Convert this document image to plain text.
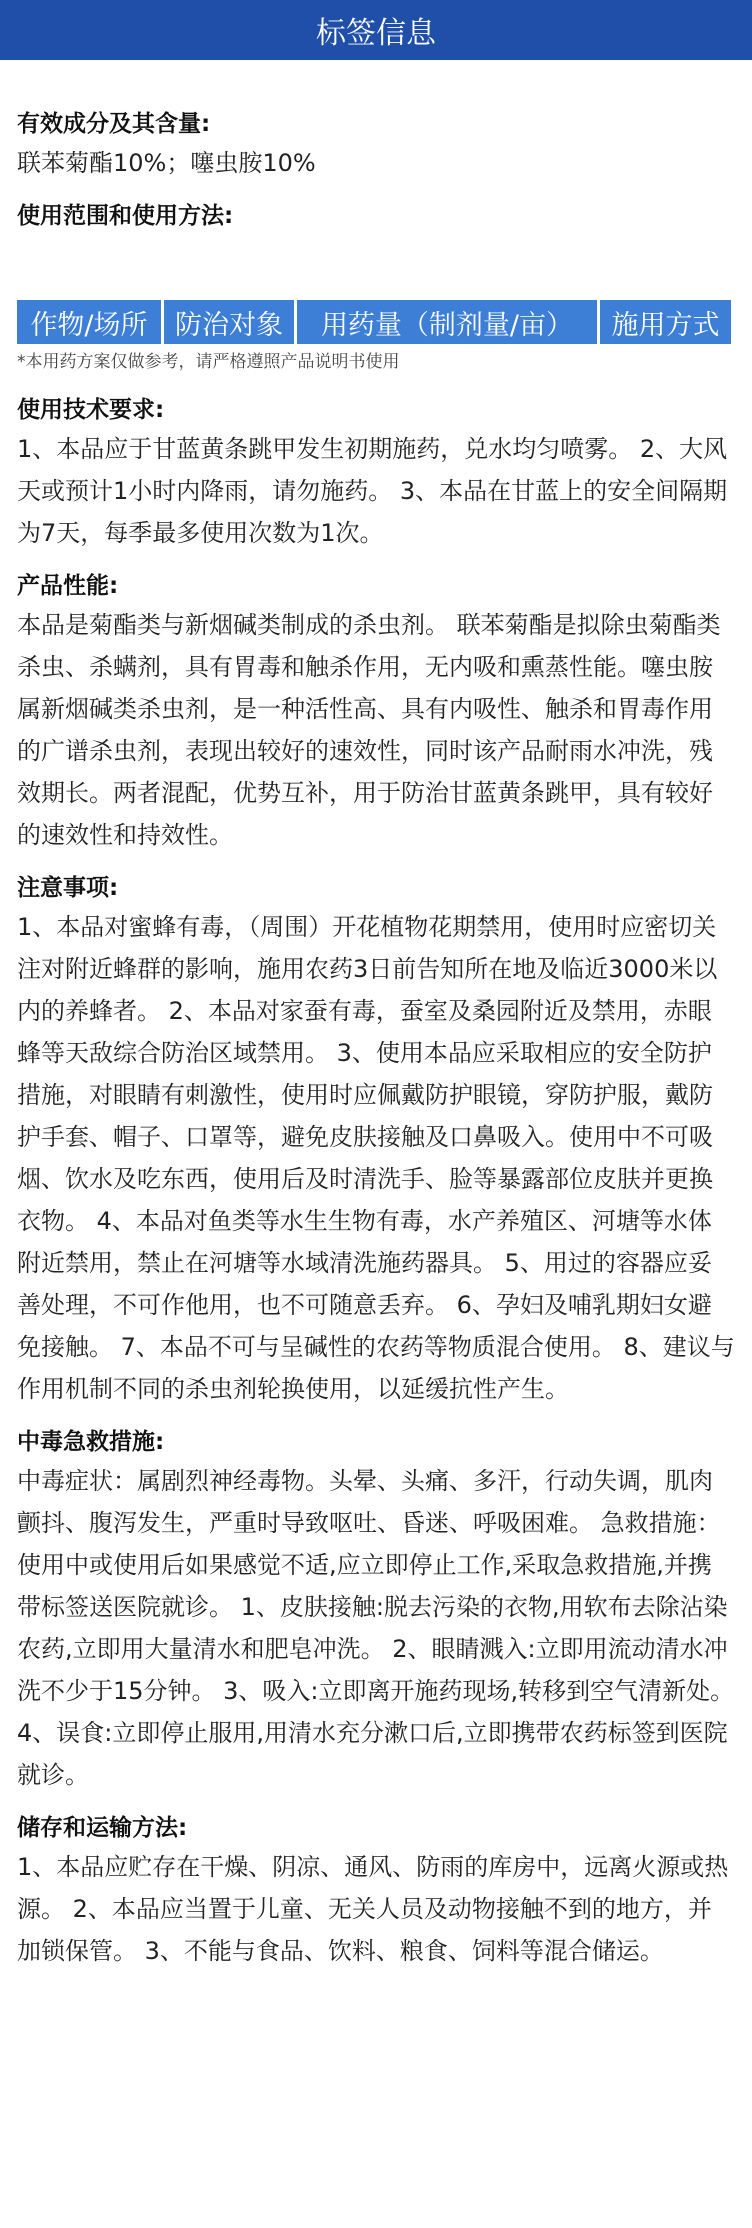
标签信息
有效成分及其含量:
联苯菊酯10%；噻虫胺10%
使用范围和使用方法:
作物/场所	防治对象	用药量（制剂量/亩）	施用方式
*本用药方案仅做参考，请严格遵照产品说明书使用
使用技术要求:
1、本品应于甘蓝黄条跳甲发生初期施药，兑水均匀喷雾。 2、大风天或预计1小时内降雨，请勿施药。 3、本品在甘蓝上的安全间隔期为7天，每季最多使用次数为1次。
产品性能:
本品是菊酯类与新烟碱类制成的杀虫剂。 联苯菊酯是拟除虫菊酯类杀虫、杀螨剂，具有胃毒和触杀作用，无内吸和熏蒸性能。噻虫胺属新烟碱类杀虫剂，是一种活性高、具有内吸性、触杀和胃毒作用的广谱杀虫剂，表现出较好的速效性，同时该产品耐雨水冲洗，残效期长。两者混配，优势互补，用于防治甘蓝黄条跳甲，具有较好的速效性和持效性。
注意事项:
1、本品对蜜蜂有毒，（周围）开花植物花期禁用，使用时应密切关注对附近蜂群的影响，施用农药3日前告知所在地及临近3000米以内的养蜂者。 2、本品对家蚕有毒，蚕室及桑园附近及禁用，赤眼蜂等天敌综合防治区域禁用。 3、使用本品应采取相应的安全防护措施，对眼睛有刺激性，使用时应佩戴防护眼镜，穿防护服，戴防护手套、帽子、口罩等，避免皮肤接触及口鼻吸入。使用中不可吸烟、饮水及吃东西，使用后及时清洗手、脸等暴露部位皮肤并更换衣物。 4、本品对鱼类等水生生物有毒，水产养殖区、河塘等水体附近禁用，禁止在河塘等水域清洗施药器具。 5、用过的容器应妥善处理，不可作他用，也不可随意丢弃。 6、孕妇及哺乳期妇女避免接触。 7、本品不可与呈碱性的农药等物质混合使用。 8、建议与作用机制不同的杀虫剂轮换使用，以延缓抗性产生。
中毒急救措施:
中毒症状：属剧烈神经毒物。头晕、头痛、多汗，行动失调，肌肉颤抖、腹泻发生，严重时导致呕吐、昏迷、呼吸困难。 急救措施：使用中或使用后如果感觉不适,应立即停止工作,采取急救措施,并携带标签送医院就诊。 1、皮肤接触:脱去污染的衣物,用软布去除沾染农药,立即用大量清水和肥皂冲洗。 2、眼睛溅入:立即用流动清水冲洗不少于15分钟。 3、吸入:立即离开施药现场,转移到空气清新处。 4、误食:立即停止服用,用清水充分漱口后,立即携带农药标签到医院就诊。
储存和运输方法:
1、本品应贮存在干燥、阴凉、通风、防雨的库房中，远离火源或热源。 2、本品应当置于儿童、无关人员及动物接触不到的地方，并加锁保管。 3、不能与食品、饮料、粮食、饲料等混合储运。
